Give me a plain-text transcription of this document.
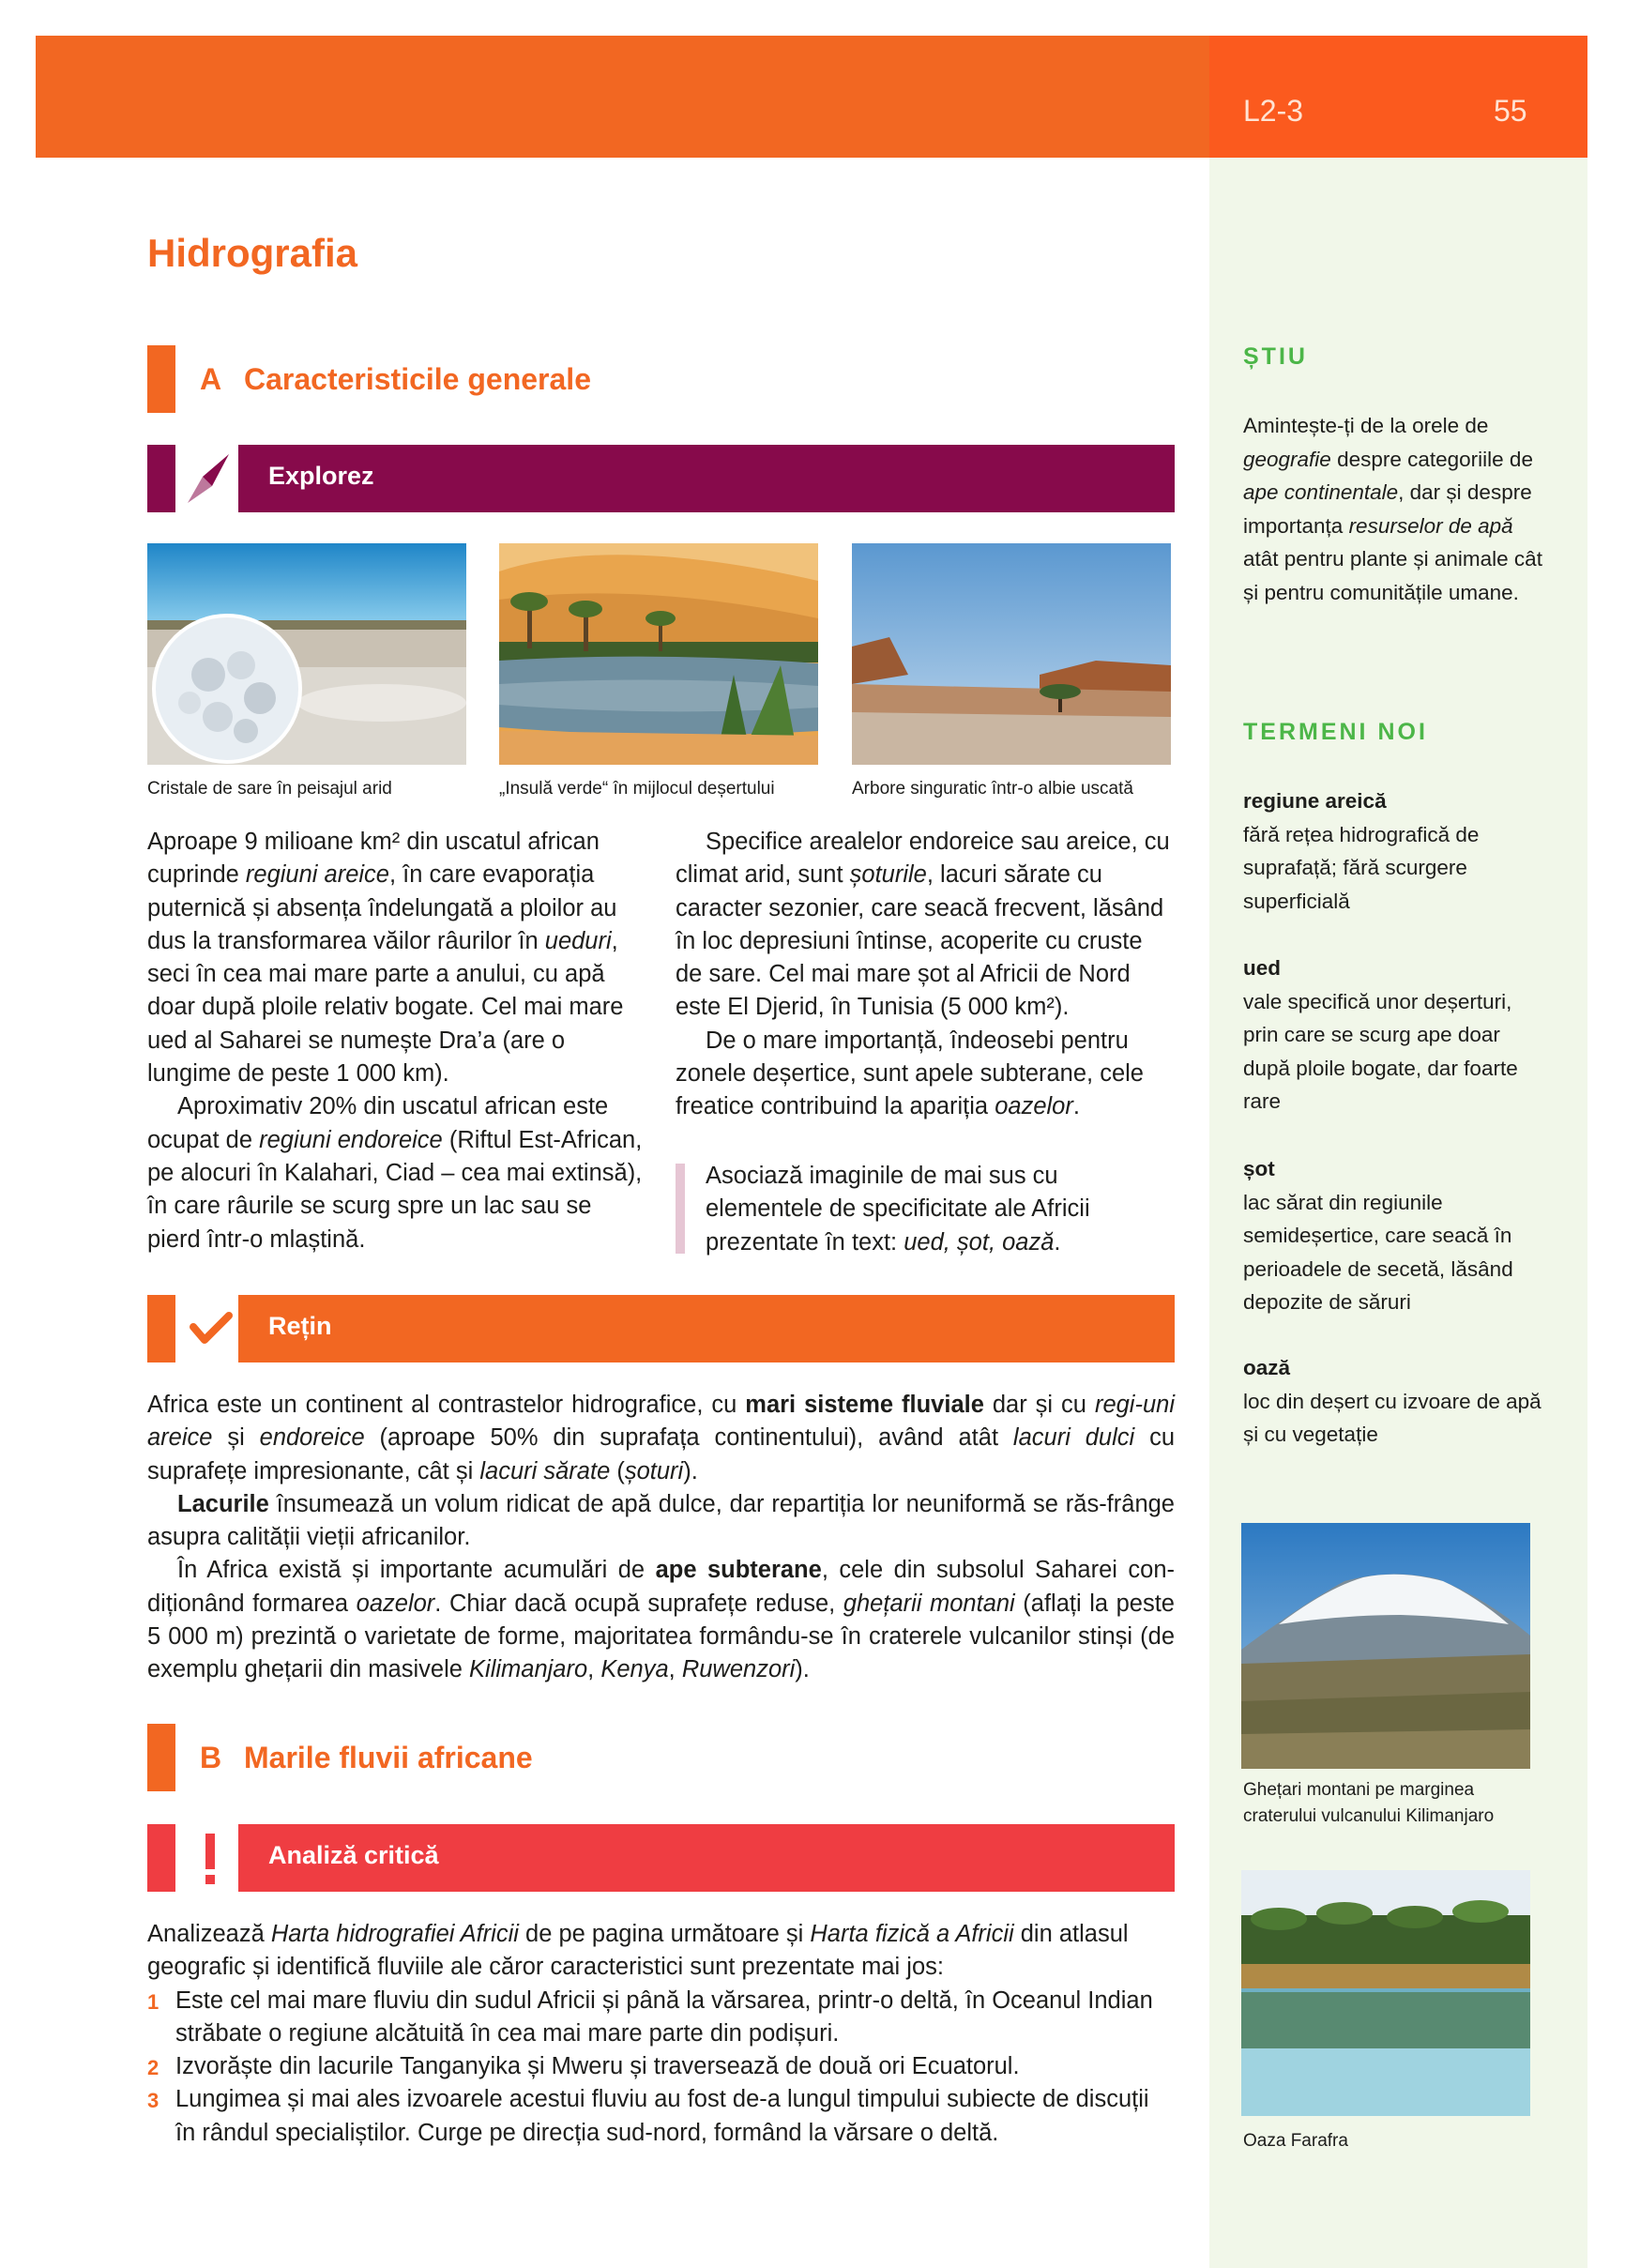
L2-3	55
Hidrografia
A Caracteristicile generale
Explorez
Cristale de sare în peisajul arid	„Insulă verde“ în mijlocul deșertului	Arbore singuratic într-o albie uscată

Aproape 9 milioane km² din uscatul african cuprinde regiuni areice, în care evaporația puternică și absența îndelungată a ploilor au dus la transformarea văilor râurilor în ueduri, seci în cea mai mare parte a anului, cu apă doar după ploile relativ bogate. Cel mai mare ued al Saharei se numește Dra’a (are o lungime de peste 1 000 km).

Aproximativ 20% din uscatul african este ocupat de regiuni endoreice (Riftul Est-African, pe alocuri în Kalahari, Ciad – cea mai extinsă), în care râurile se scurg spre un lac sau se pierd într-o mlaștină.

Specifice arealelor endoreice sau areice, cu climat arid, sunt șoturile, lacuri sărate cu caracter sezonier, care seacă frecvent, lăsând în loc depresiuni întinse, acoperite cu cruste de sare. Cel mai mare șot al Africii de Nord este El Djerid, în Tunisia (5 000 km²).

De o mare importanță, îndeosebi pentru zonele deșertice, sunt apele subterane, cele freatice contribuind la apariția oazelor.

Asociază imaginile de mai sus cu elementele de specificitate ale Africii prezentate în text: ued, șot, oază.

Rețin

Africa este un continent al contrastelor hidrografice, cu mari sisteme fluviale dar și cu regi-uni areice și endoreice (aproape 50% din suprafața continentului), având atât lacuri dulci cu suprafețe impresionante, cât și lacuri sărate (șoturi).

Lacurile însumează un volum ridicat de apă dulce, dar repartiția lor neuniformă se răs-frânge asupra calității vieții africanilor.

În Africa există și importante acumulări de ape subterane, cele din subsolul Saharei con-diționând formarea oazelor. Chiar dacă ocupă suprafețe reduse, ghețarii montani (aflați la peste 5 000 m) prezintă o varietate de forme, majoritatea formându-se în craterele vulcanilor stinși (de exemplu ghețarii din masivele Kilimanjaro, Kenya, Ruwenzori).

B Marile fluvii africane
Analiză critică

Analizează Harta hidrografiei Africii de pe pagina următoare și Harta fizică a Africii din atlasul geografic și identifică fluviile ale căror caracteristici sunt prezentate mai jos:

1 Este cel mai mare fluviu din sudul Africii și până la vărsarea, printr-o deltă, în Oceanul Indian străbate o regiune alcătuită în cea mai mare parte din podișuri.
2 Izvorăște din lacurile Tanganyika și Mweru și traversează de două ori Ecuatorul.
3 Lungimea și mai ales izvoarele acestui fluviu au fost de-a lungul timpului subiecte de discuții în rândul specialiștilor. Curge pe direcția sud-nord, formând la vărsare o deltă.
ȘTIU
Amintește-ți de la orele de geografie despre categoriile de ape continentale, dar și despre importanța resurselor de apă atât pentru plante și animale cât și pentru comunitățile umane.
TERMENI NOI
regiune areică
fără rețea hidrografică de suprafață; fără scurgere superficială
ued
vale specifică unor deșerturi, prin care se scurg ape doar după ploile bogate, dar foarte rare
șot
lac sărat din regiunile semideșertice, care seacă în perioadele de secetă, lăsând depozite de săruri
oază
loc din deșert cu izvoare de apă și cu vegetație
Ghețari montani pe marginea craterului vulcanului Kilimanjaro
Oaza Farafra
